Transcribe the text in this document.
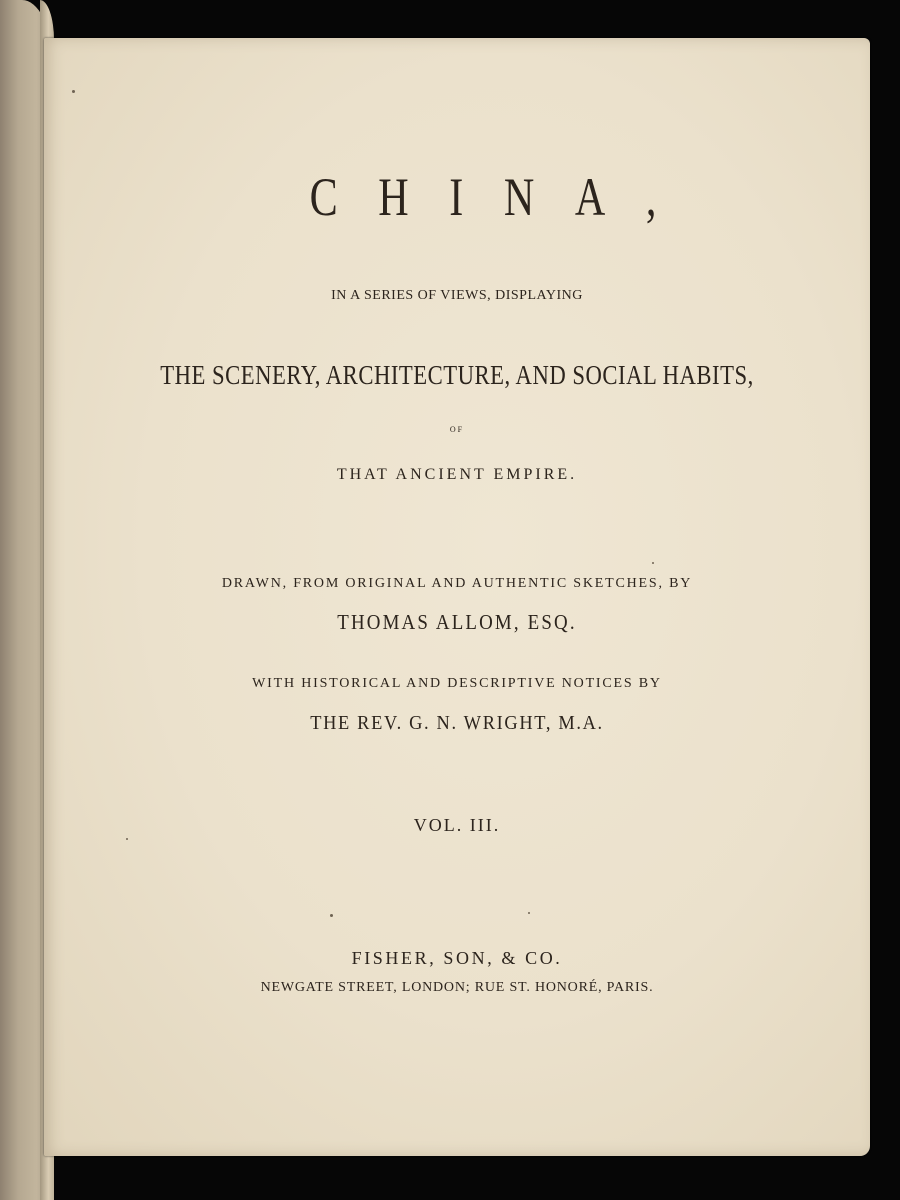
CHINA,
IN A SERIES OF VIEWS, DISPLAYING
THE SCENERY, ARCHITECTURE, AND SOCIAL HABITS,
OF
THAT ANCIENT EMPIRE.
DRAWN, FROM ORIGINAL AND AUTHENTIC SKETCHES, BY
THOMAS ALLOM, ESQ.
WITH HISTORICAL AND DESCRIPTIVE NOTICES BY
THE REV. G. N. WRIGHT, M.A.
VOL. III.
FISHER, SON, & CO.
NEWGATE STREET, LONDON; RUE ST. HONORÉ, PARIS.
